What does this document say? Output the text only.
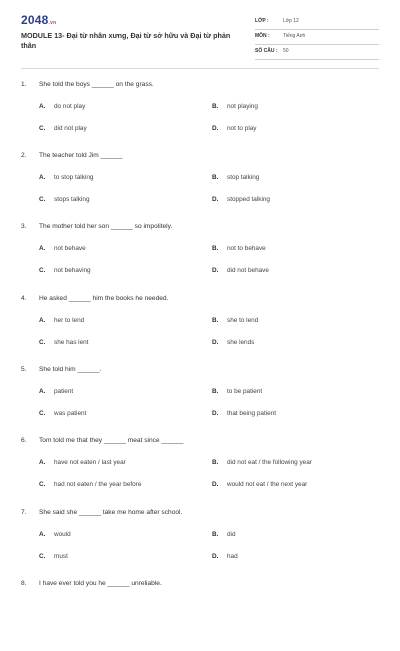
2048.vn
MODULE 13- Đại từ nhân xưng, Đại từ sở hữu và Đại từ phản thân
LỚP :	Lớp 12
MÔN :	Tiếng Anh
SỐ CÂU : 50
1. She told the boys ______ on the grass.
A. do not play	B. not playing
C. did not play	D. not to play
2. The teacher told Jim ______
A. to stop talking	B. stop talking
C. stops talking	D. stopped talking
3. The mother told her son ______ so impolitely.
A. not behave	B. not to behave
C. not behaving	D. did not behave
4. He asked ______ him the books he needed.
A. her to lend	B. she to lend
C. she has lent	D. she lends
5. She told him ______.
A. patient	B. to be patient
C. was patient	D. that being patient
6. Tom told me that they ______ meat since ______
A. have not eaten / last year	B. did not eat / the following year
C. had not eaten / the year before	D. would not eat / the next year
7. She said she ______ take me home after school.
A. would	B. did
C. must	D. had
8. I have ever told you he ______ unreliable.
